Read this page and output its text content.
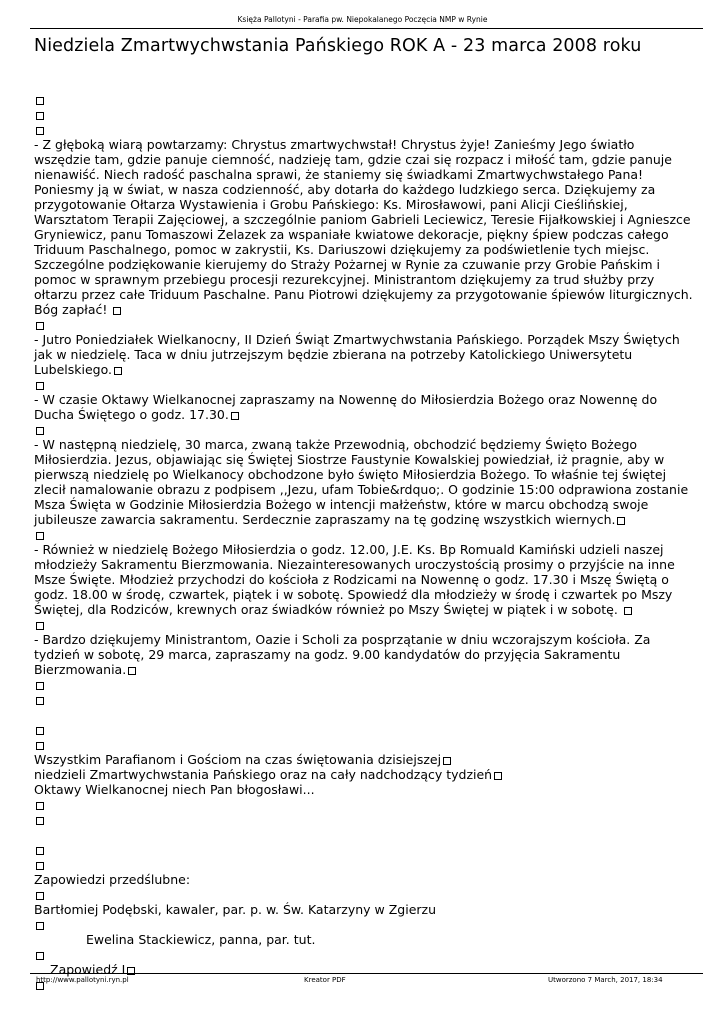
Księża Pallotyni - Parafia pw. Niepokalanego Poczęcia NMP w Rynie
Niedziela Zmartwychwstania Pańskiego ROK A - 23 marca 2008 roku
- Z głęboką wiarą powtarzamy: Chrystus zmartwychwstał! Chrystus żyje! Zanieśmy Jego światło
wszędzie tam, gdzie panuje ciemność, nadzieję tam, gdzie czai się rozpacz i miłość tam, gdzie panuje
nienawiść. Niech radość paschalna sprawi, że staniemy się świadkami Zmartwychwstałego Pana!
Poniesmy ją w świat, w nasza codzienność, aby dotarła do każdego ludzkiego serca. Dziękujemy za
przygotowanie Ołtarza Wystawienia i Grobu Pańskiego: Ks. Mirosławowi, pani Alicji Cieślińskiej,
Warsztatom Terapii Zajęciowej, a szczególnie paniom Gabrieli Leciewicz, Teresie Fijałkowskiej i Agnieszce
Gryniewicz, panu Tomaszowi Żelazek za wspaniałe kwiatowe dekoracje, piękny śpiew podczas całego
Triduum Paschalnego, pomoc w zakrystii, Ks. Dariuszowi dziękujemy za podświetlenie tych miejsc.
Szczególne podziękowanie kierujemy do Straży Pożarnej w Rynie za czuwanie przy Grobie Pańskim i
pomoc w sprawnym przebiegu procesji rezurekcyjnej. Ministrantom dziękujemy za trud służby przy
ołtarzu przez całe Triduum Paschalne. Panu Piotrowi dziękujemy za przygotowanie śpiewów liturgicznych.
Bóg zapłać!
- Jutro Poniedziałek Wielkanocny, II Dzień Świąt Zmartwychwstania Pańskiego. Porządek Mszy Świętych
jak w niedzielę. Taca w dniu jutrzejszym będzie zbierana na potrzeby Katolickiego Uniwersytetu
Lubelskiego.
- W czasie Oktawy Wielkanocnej zapraszamy na Nowennę do Miłosierdzia Bożego oraz Nowennę do
Ducha Świętego o godz. 17.30.
- W następną niedzielę, 30 marca, zwaną także Przewodnią, obchodzić będziemy Święto Bożego
Miłosierdzia. Jezus, objawiając się Świętej Siostrze Faustynie Kowalskiej powiedział, iż pragnie, aby w
pierwszą niedzielę po Wielkanocy obchodzone było święto Miłosierdzia Bożego. To właśnie tej świętej
zlecił namalowanie obrazu z podpisem ,,Jezu, ufam Tobie&rdquo;. O godzinie 15:00 odprawiona zostanie
Msza Święta w Godzinie Miłosierdzia Bożego w intencji małżeństw, które w marcu obchodzą swoje
jubileusze zawarcia sakramentu. Serdecznie zapraszamy na tę godzinę wszystkich wiernych.
- Również w niedzielę Bożego Miłosierdzia o godz. 12.00, J.E. Ks. Bp Romuald Kamiński udzieli naszej
młodzieży Sakramentu Bierzmowania. Niezainteresowanych uroczystością prosimy o przyjście na inne
Msze Święte. Młodzież przychodzi do kościoła z Rodzicami na Nowennę o godz. 17.30 i Mszę Świętą o
godz. 18.00 w środę, czwartek, piątek i w sobotę. Spowiedź dla młodzieży w środę i czwartek po Mszy
Świętej, dla Rodziców, krewnych oraz świadków również po Mszy Świętej w piątek i w sobotę.
- Bardzo dziękujemy Ministrantom, Oazie i Scholi za posprzątanie w dniu wczorajszym kościoła. Za
tydzień w sobotę, 29 marca, zapraszamy na godz. 9.00 kandydatów do przyjęcia Sakramentu
Bierzmowania.
Wszystkim Parafianom i Gościom na czas świętowania dzisiejszej
niedzieli Zmartwychwstania Pańskiego oraz na cały nadchodzący tydzień
Oktawy Wielkanocnej niech Pan błogosławi...
Zapowiedzi przedślubne:
Bartłomiej Podębski, kawaler, par. p. w. Św. Katarzyny w Zgierzu
Ewelina Stackiewicz, panna, par. tut.
Zapowiedź I
http://www.pallotyni.ryn.pl	Kreator PDF	Utworzono 7 March, 2017, 18:34
